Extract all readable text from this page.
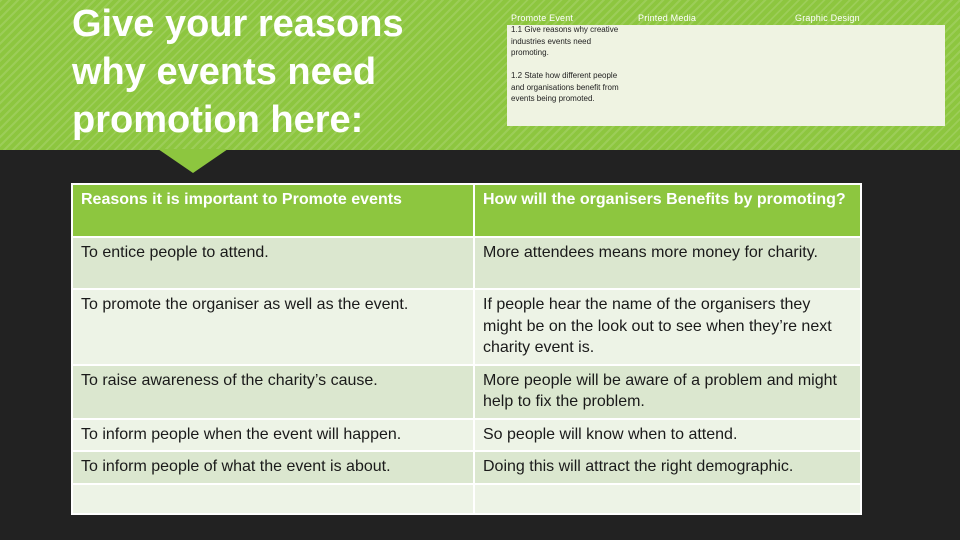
Give your reasons why events need promotion here:
Promote Event	Printed Media	Graphic Design
1.1 Give reasons why creative industries events need promoting.
1.2 State how different people and organisations benefit from events being promoted.
Reasons it is important to Promote events	How will the organisers Benefits by promoting?
To entice people to attend.	More attendees means more money for charity.
To promote the organiser as well as the event.	If people hear the name of the organisers they might be on the look out to see when they’re next charity event is.
To raise awareness of the charity’s cause.	More people will be aware of a problem and might help to fix the problem.
To inform people when the event will happen.	So people will know when to attend.
To inform people of what the event is about.	Doing this will attract the right demographic.
